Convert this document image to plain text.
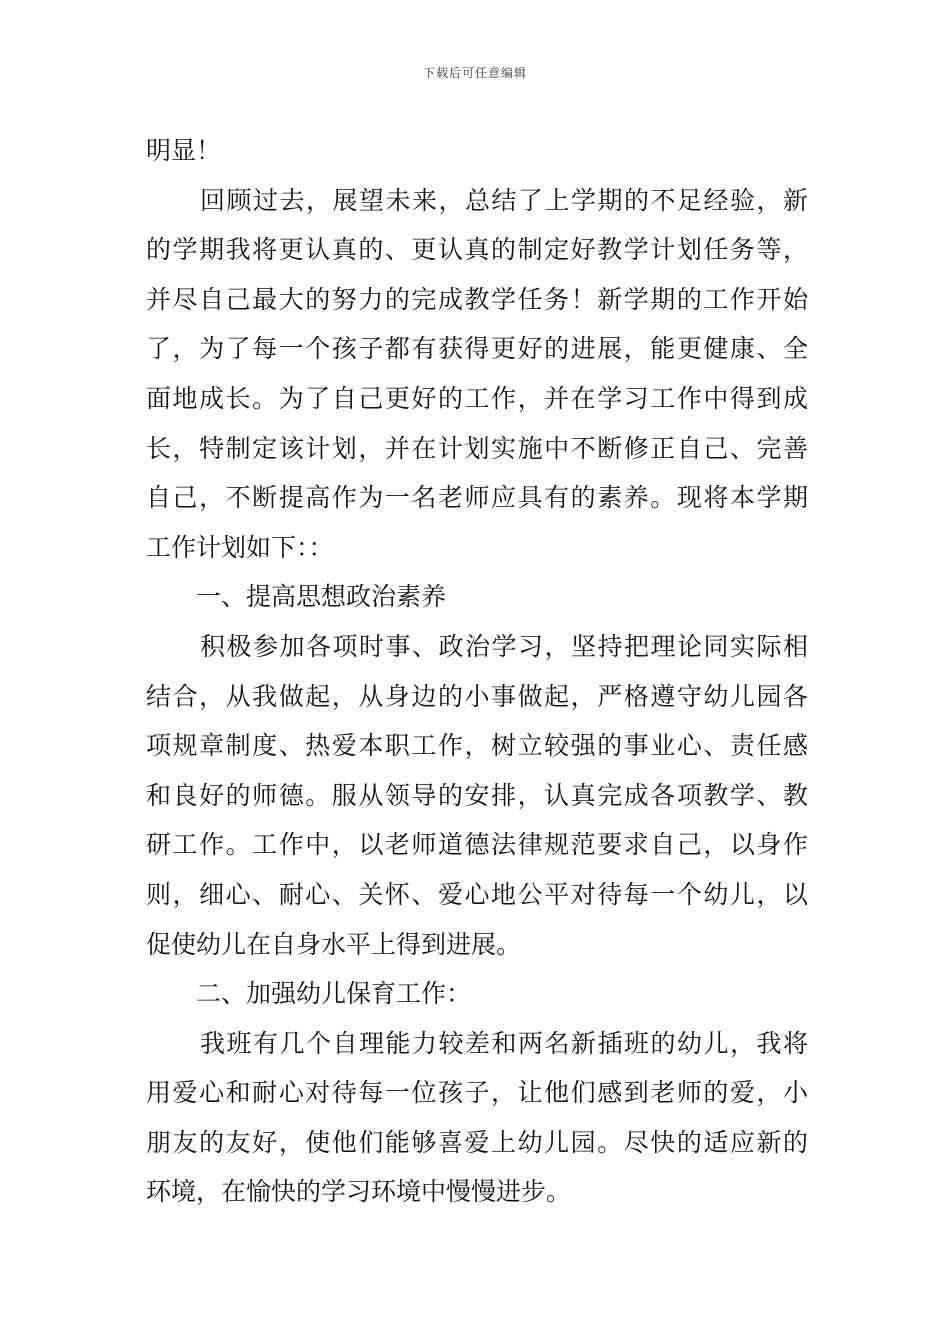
下载后可任意编辑
明显！
回顾过去，展望未来，总结了上学期的不足经验，新
的学期我将更认真的、更认真的制定好教学计划任务等，
并尽自己最大的努力的完成教学任务！新学期的工作开始
了，为了每一个孩子都有获得更好的进展，能更健康、全
面地成长。为了自己更好的工作，并在学习工作中得到成
长，特制定该计划，并在计划实施中不断修正自己、完善
自己，不断提高作为一名老师应具有的素养。现将本学期
工作计划如下：：
一、提高思想政治素养
积极参加各项时事、政治学习，坚持把理论同实际相
结合，从我做起，从身边的小事做起，严格遵守幼儿园各
项规章制度、热爱本职工作，树立较强的事业心、责任感
和良好的师德。服从领导的安排，认真完成各项教学、教
研工作。工作中，以老师道德法律规范要求自己，以身作
则，细心、耐心、关怀、爱心地公平对待每一个幼儿，以
促使幼儿在自身水平上得到进展。
二、加强幼儿保育工作：
我班有几个自理能力较差和两名新插班的幼儿，我将
用爱心和耐心对待每一位孩子，让他们感到老师的爱，小
朋友的友好，使他们能够喜爱上幼儿园。尽快的适应新的
环境，在愉快的学习环境中慢慢进步。
